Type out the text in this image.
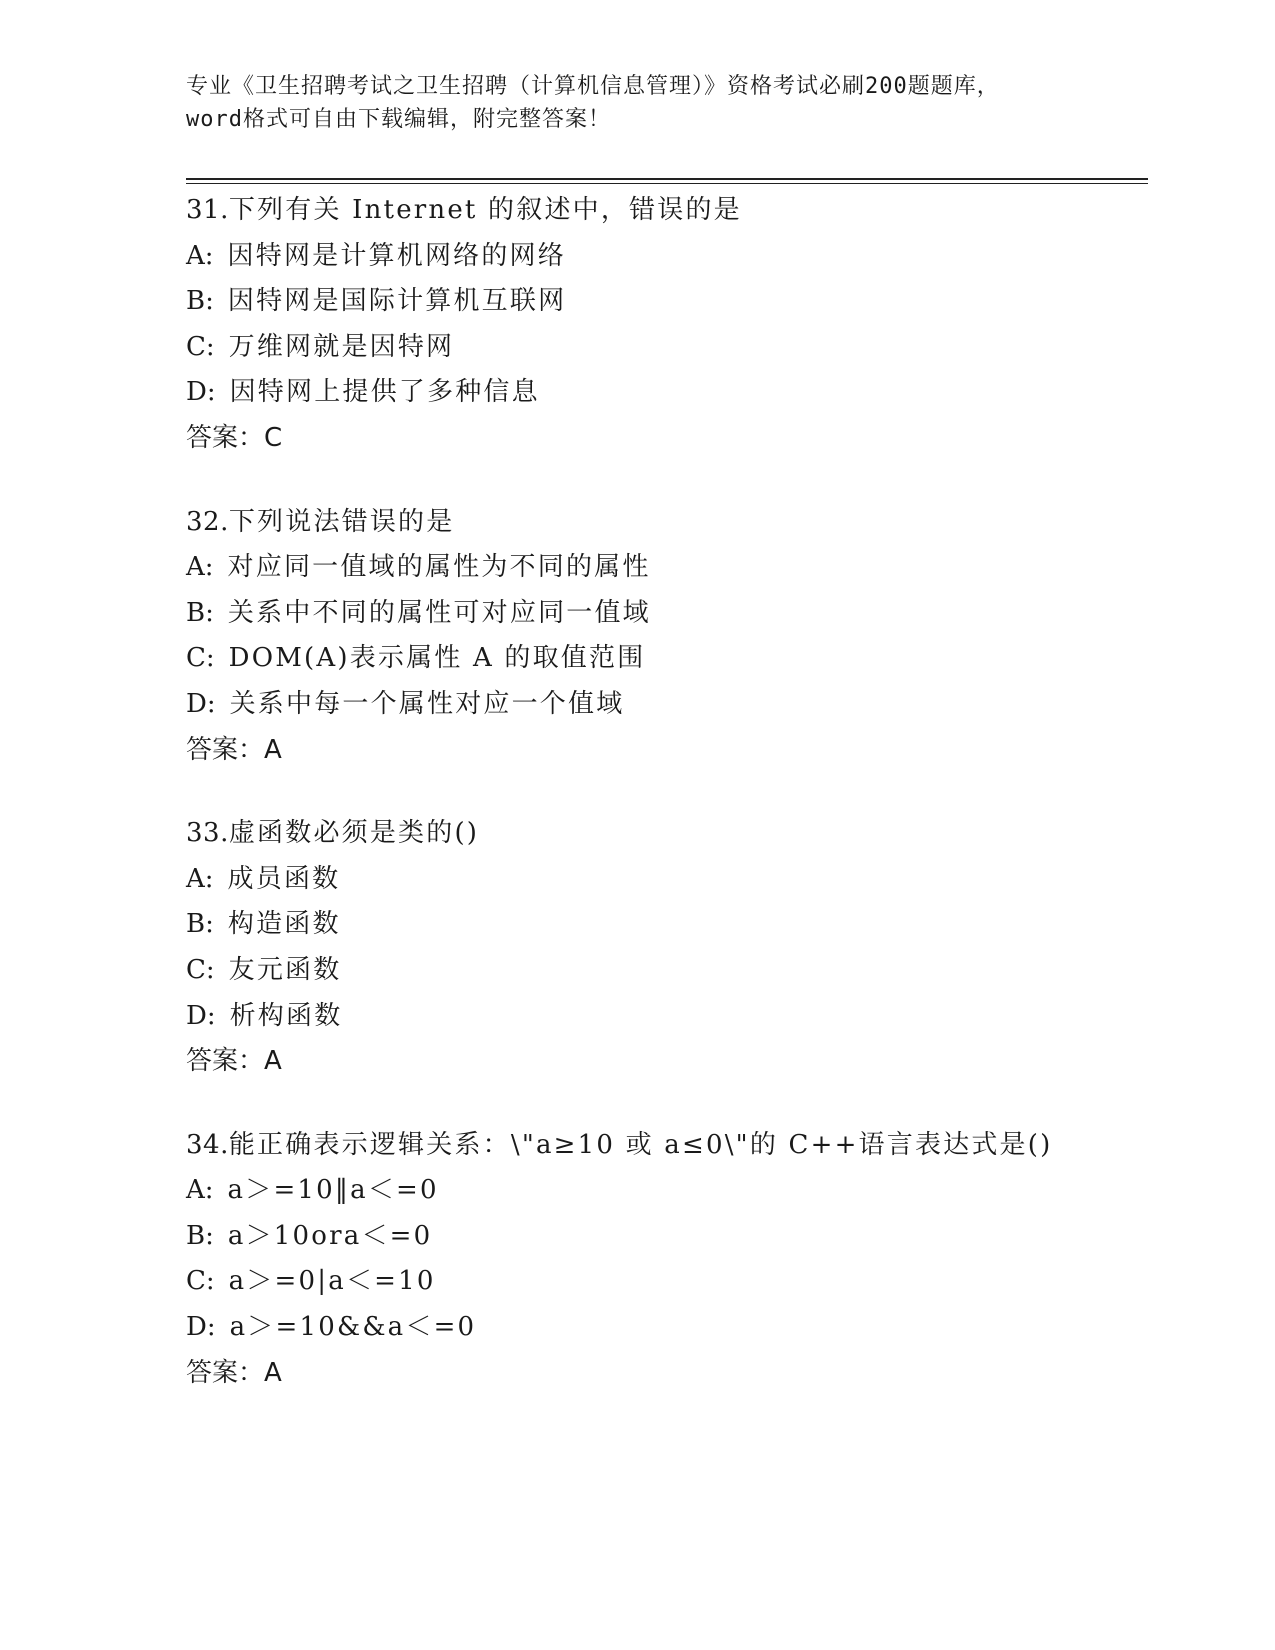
专业《卫生招聘考试之卫生招聘（计算机信息管理）》资格考试必刷200题题库，
word格式可自由下载编辑，附完整答案！
31.下列有关 Internet 的叙述中，错误的是
A: 因特网是计算机网络的网络
B: 因特网是国际计算机互联网
C: 万维网就是因特网
D: 因特网上提供了多种信息
答案：C
32.下列说法错误的是
A: 对应同一值域的属性为不同的属性
B: 关系中不同的属性可对应同一值域
C: DOM(A)表示属性 A 的取值范围
D: 关系中每一个属性对应一个值域
答案：A
33.虚函数必须是类的()
A: 成员函数
B: 构造函数
C: 友元函数
D: 析构函数
答案：A
34.能正确表示逻辑关系：\"a≥10 或 a≤0\"的 C++语言表达式是()
A: a＞=10‖a＜=0
B: a＞10ora＜=0
C: a＞=0|a＜=10
D: a＞=10&&a＜=0
答案：A
